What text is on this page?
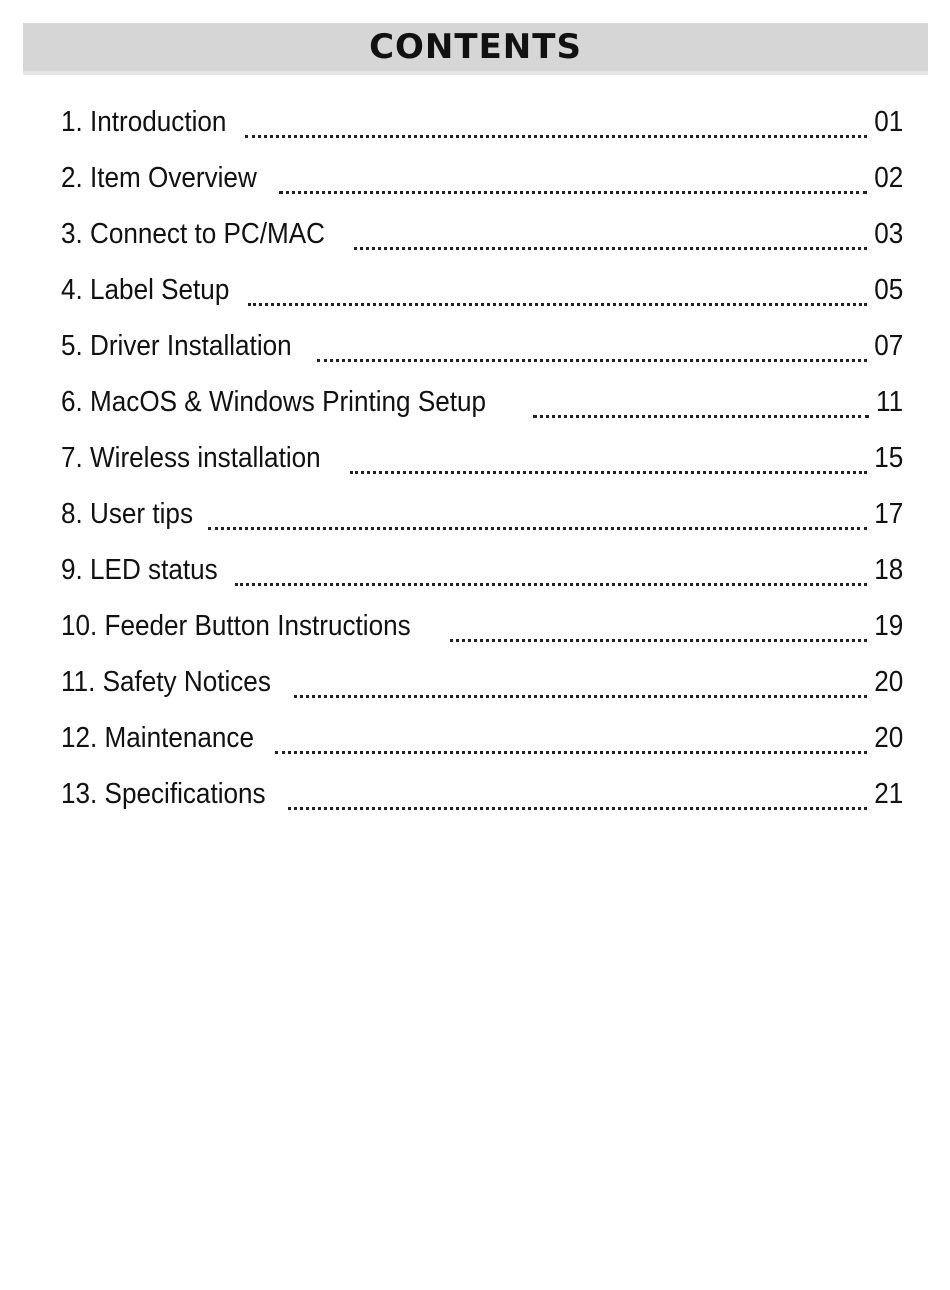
CONTENTS
1. Introduction	01
2. Item Overview	02
3. Connect to PC/MAC	03
4. Label Setup	05
5. Driver Installation	07
6. MacOS & Windows Printing Setup	11
7. Wireless installation	15
8. User tips	17
9. LED status	18
10. Feeder Button Instructions	19
11. Safety Notices	20
12. Maintenance	20
13. Specifications	21
